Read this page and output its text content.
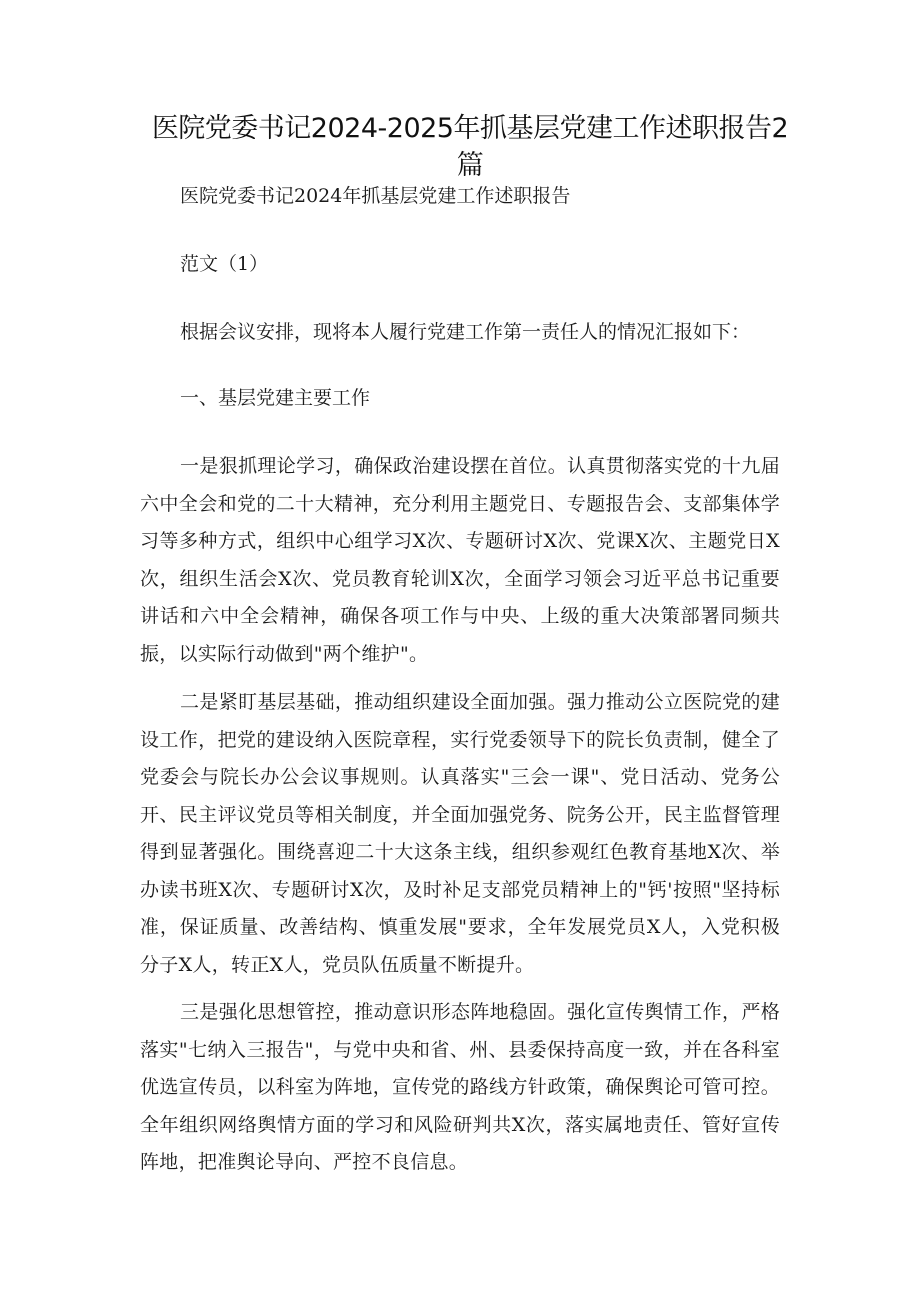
医院党委书记2024-2025年抓基层党建工作述职报告2篇
医院党委书记2024年抓基层党建工作述职报告
范文（1）
根据会议安排，现将本人履行党建工作第一责任人的情况汇报如下：
一、基层党建主要工作
一是狠抓理论学习，确保政治建设摆在首位。认真贯彻落实党的十九届六中全会和党的二十大精神，充分利用主题党日、专题报告会、支部集体学习等多种方式，组织中心组学习X次、专题研讨X次、党课X次、主题党日X次，组织生活会X次、党员教育轮训X次，全面学习领会习近平总书记重要讲话和六中全会精神，确保各项工作与中央、上级的重大决策部署同频共振，以实际行动做到"两个维护"。
二是紧盯基层基础，推动组织建设全面加强。强力推动公立医院党的建设工作，把党的建设纳入医院章程，实行党委领导下的院长负责制，健全了党委会与院长办公会议事规则。认真落实"三会一课"、党日活动、党务公开、民主评议党员等相关制度，并全面加强党务、院务公开，民主监督管理得到显著强化。围绕喜迎二十大这条主线，组织参观红色教育基地X次、举办读书班X次、专题研讨X次，及时补足支部党员精神上的"钙'按照"坚持标准，保证质量、改善结构、慎重发展"要求，全年发展党员X人，入党积极分子X人，转正X人，党员队伍质量不断提升。
三是强化思想管控，推动意识形态阵地稳固。强化宣传舆情工作，严格落实"七纳入三报告"，与党中央和省、州、县委保持高度一致，并在各科室优选宣传员，以科室为阵地，宣传党的路线方针政策，确保舆论可管可控。全年组织网络舆情方面的学习和风险研判共X次，落实属地责任、管好宣传阵地，把准舆论导向、严控不良信息。
